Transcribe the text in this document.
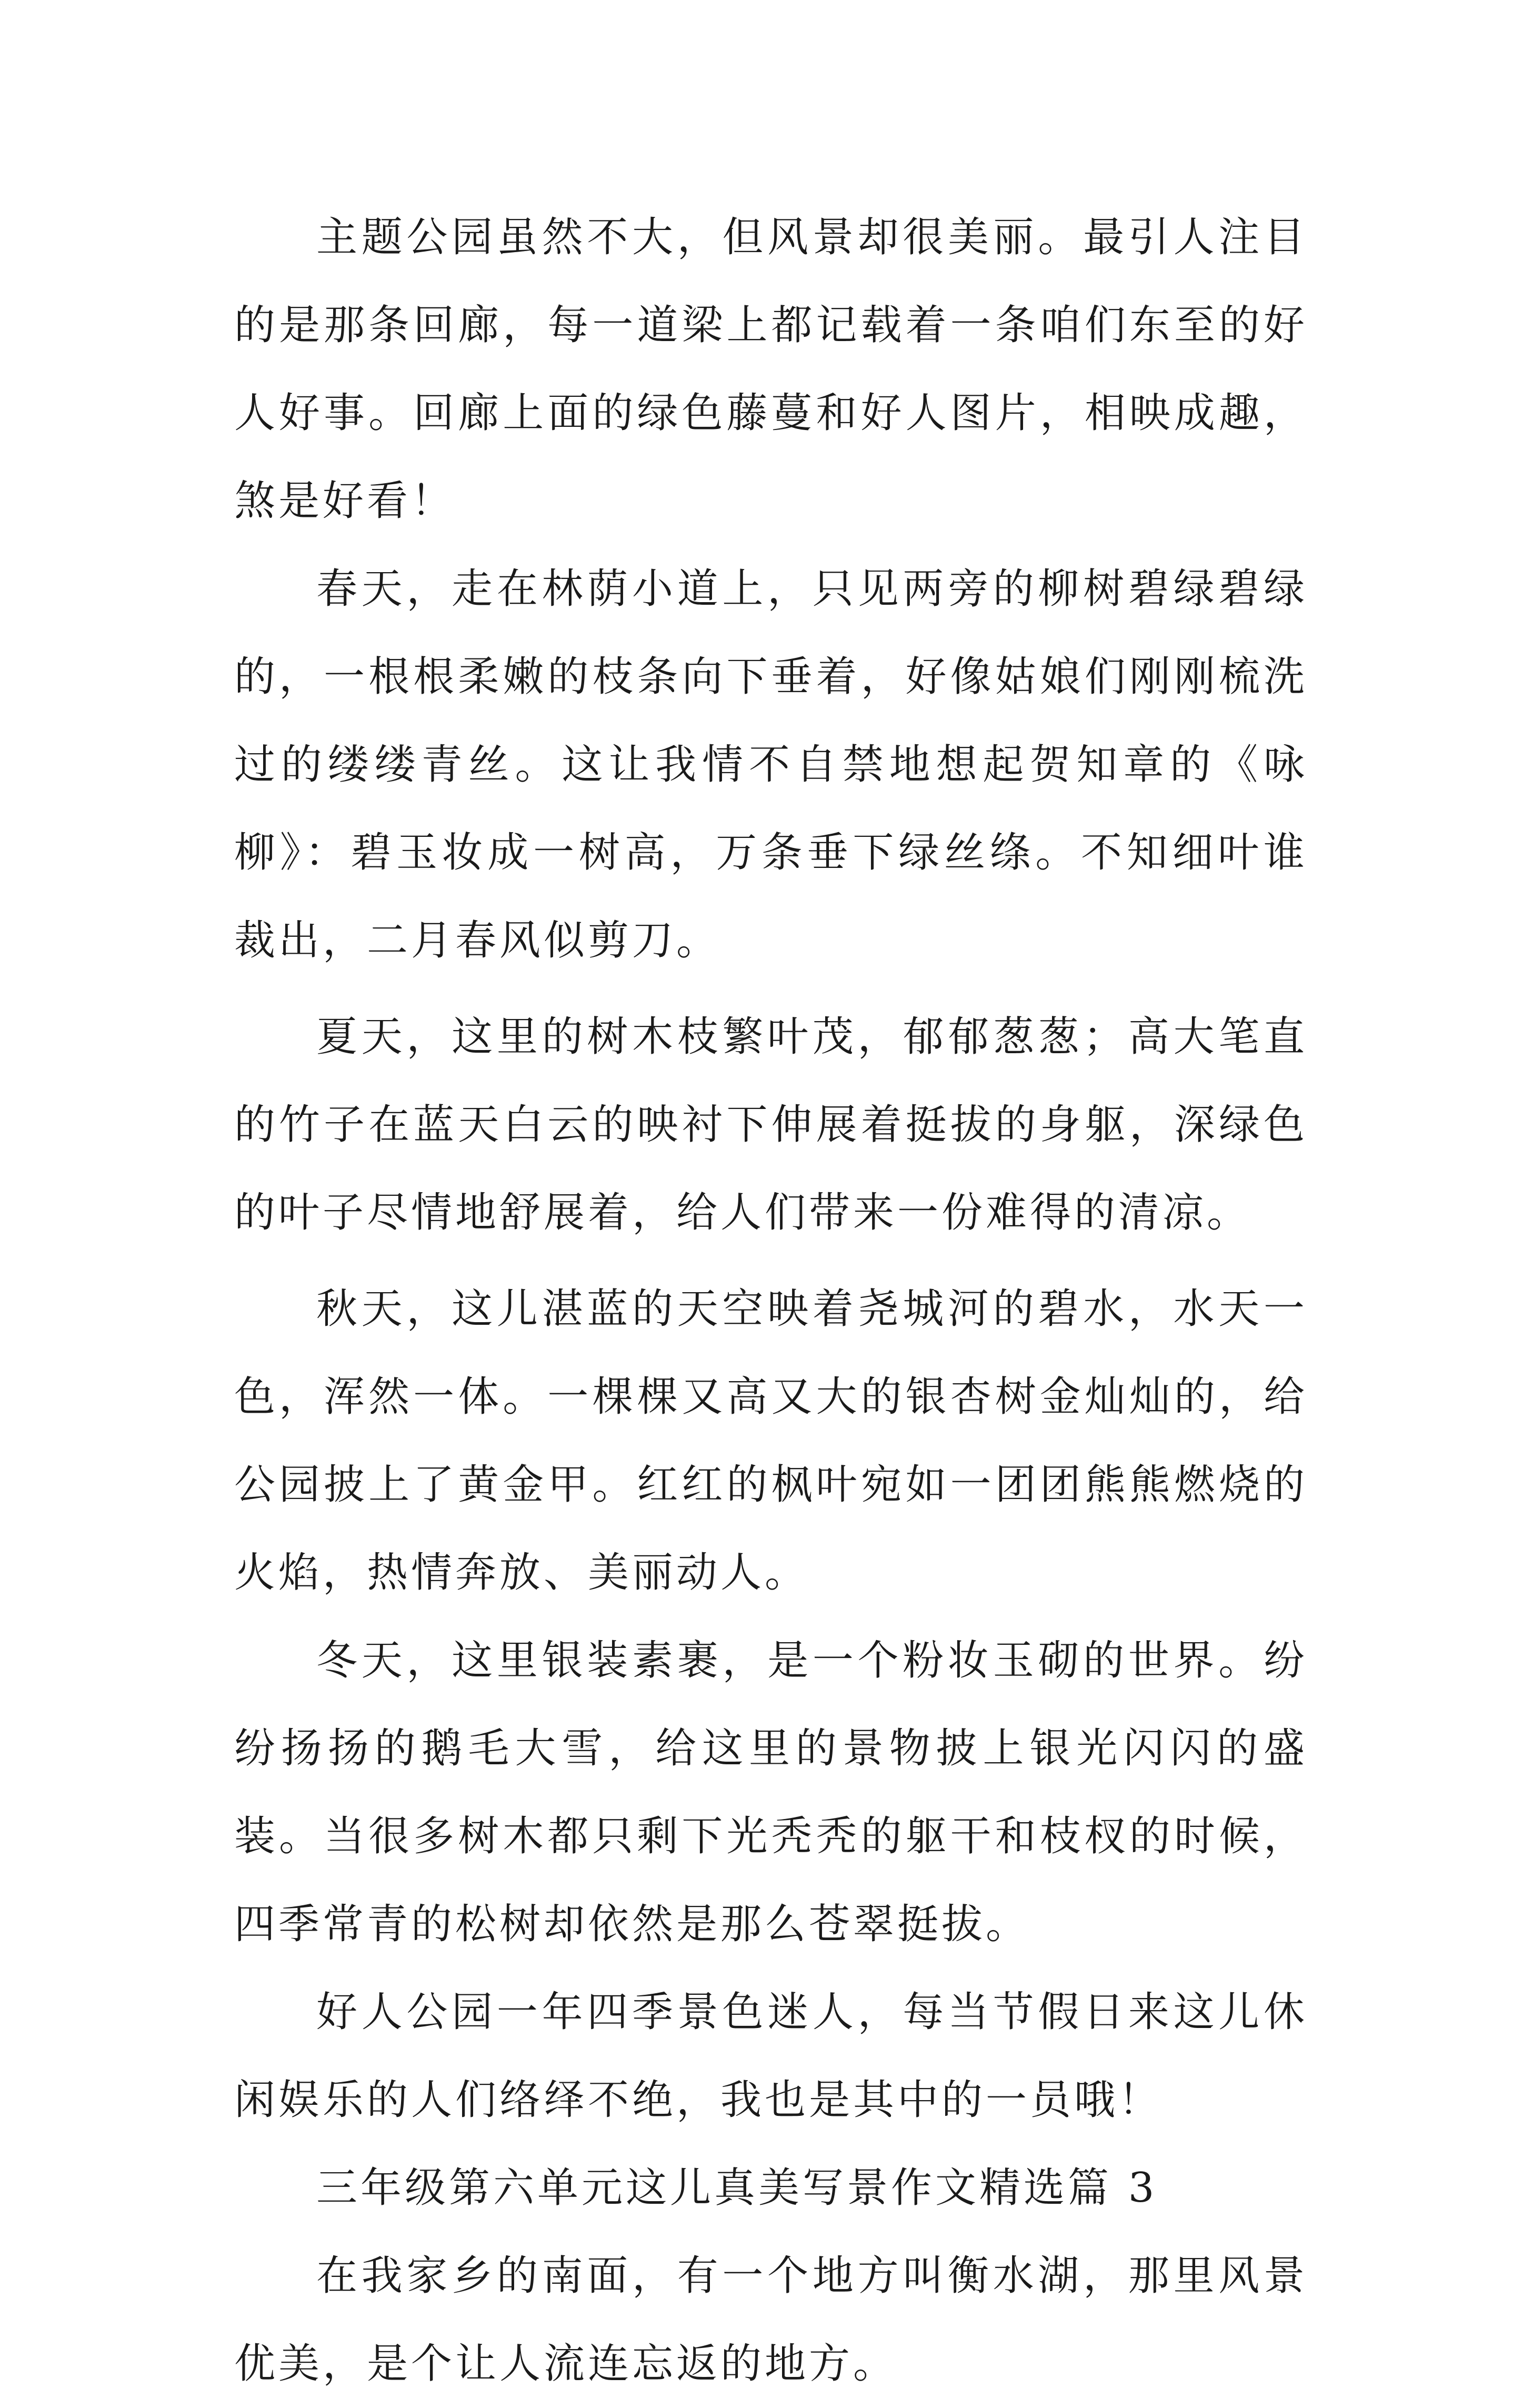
主题公园虽然不大，但风景却很美丽。最引人注目的是那条回廊，每一道梁上都记载着一条咱们东至的好人好事。回廊上面的绿色藤蔓和好人图片，相映成趣，煞是好看！

春天，走在林荫小道上，只见两旁的柳树碧绿碧绿的，一根根柔嫩的枝条向下垂着，好像姑娘们刚刚梳洗过的缕缕青丝。这让我情不自禁地想起贺知章的《咏柳》：碧玉妆成一树高，万条垂下绿丝绦。不知细叶谁裁出，二月春风似剪刀。

夏天，这里的树木枝繁叶茂，郁郁葱葱；高大笔直的竹子在蓝天白云的映衬下伸展着挺拔的身躯，深绿色的叶子尽情地舒展着，给人们带来一份难得的清凉。

秋天，这儿湛蓝的天空映着尧城河的碧水，水天一色，浑然一体。一棵棵又高又大的银杏树金灿灿的，给公园披上了黄金甲。红红的枫叶宛如一团团熊熊燃烧的火焰，热情奔放、美丽动人。

冬天，这里银装素裹，是一个粉妆玉砌的世界。纷纷扬扬的鹅毛大雪，给这里的景物披上银光闪闪的盛装。当很多树木都只剩下光秃秃的躯干和枝杈的时候，四季常青的松树却依然是那么苍翠挺拔。

好人公园一年四季景色迷人，每当节假日来这儿休闲娱乐的人们络绎不绝，我也是其中的一员哦！

三年级第六单元这儿真美写景作文精选篇 3

在我家乡的南面，有一个地方叫衡水湖，那里风景优美，是个让人流连忘返的地方。
